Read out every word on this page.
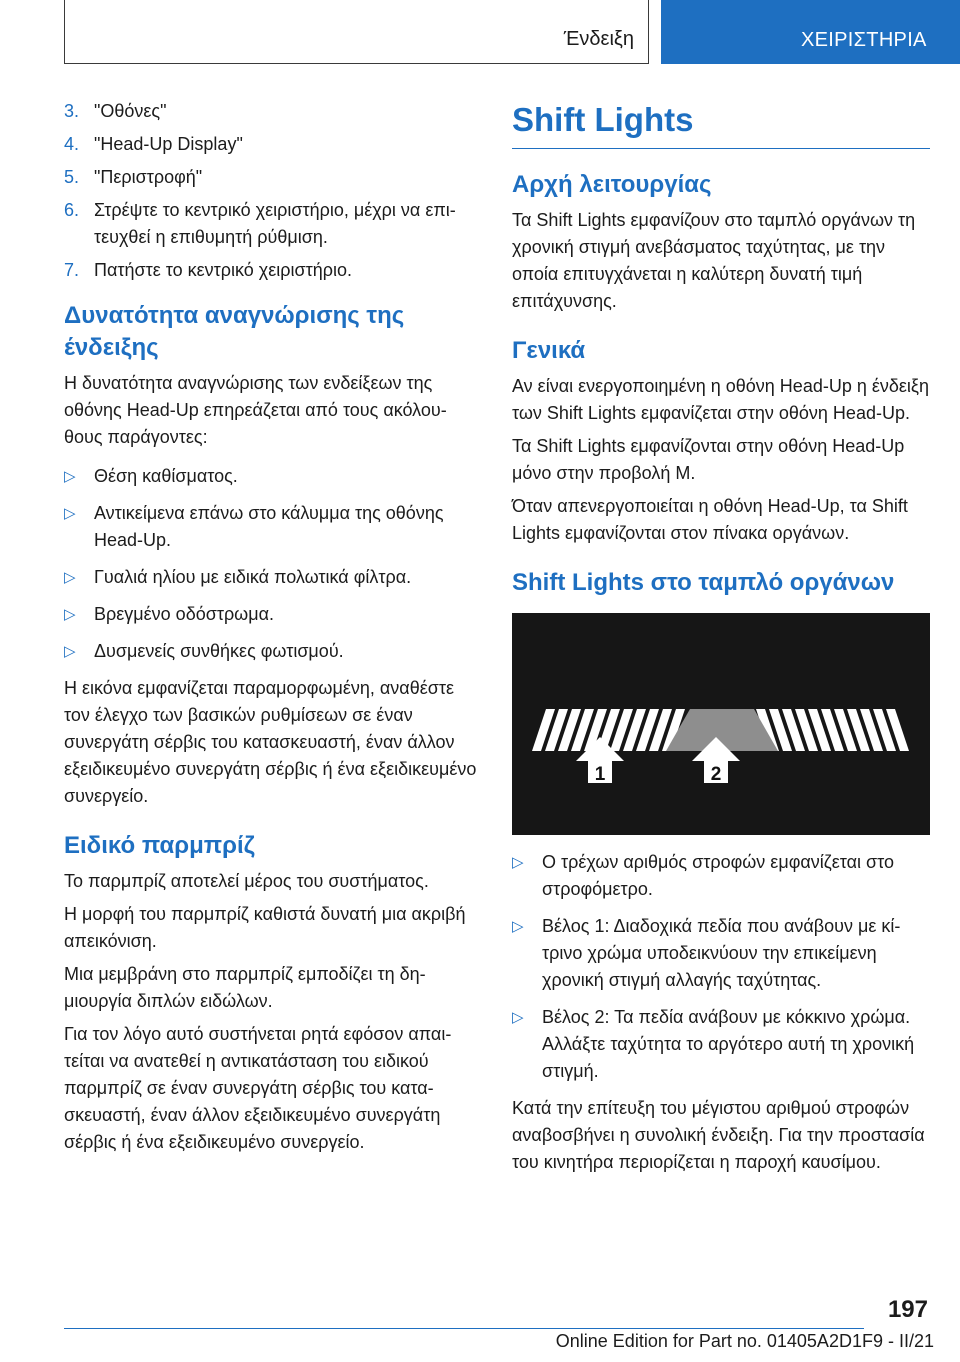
Ένδειξη	ΧΕΙΡΙΣΤΗΡΙΑ
3. "Οθόνες"
4. "Head-Up Display"
5. "Περιστροφή"
6. Στρέψτε το κεντρικό χειριστήριο, μέχρι να επιτευχθεί η επιθυμητή ρύθμιση.
7. Πατήστε το κεντρικό χειριστήριο.
Δυνατότητα αναγνώρισης της ένδειξης

Η δυνατότητα αναγνώρισης των ενδείξεων της οθόνης Head-Up επηρεάζεται από τους ακόλουθους παράγοντες:

▷	Θέση καθίσματος.
▷	Αντικείμενα επάνω στο κάλυμμα της οθόνης Head-Up.
▷	Γυαλιά ηλίου με ειδικά πολωτικά φίλτρα.
▷	Βρεγμένο οδόστρωμα.
▷	Δυσμενείς συνθήκες φωτισμού.

Η εικόνα εμφανίζεται παραμορφωμένη, αναθέστε τον έλεγχο των βασικών ρυθμίσεων σε έναν συνεργάτη σέρβις του κατασκευαστή, έναν άλλον εξειδικευμένο συνεργάτη σέρβις ή ένα εξειδικευμένο συνεργείο.

Ειδικό παρμπρίζ

Το παρμπρίζ αποτελεί μέρος του συστήματος.

Η μορφή του παρμπρίζ καθιστά δυνατή μια ακριβή απεικόνιση.

Μια μεμβράνη στο παρμπρίζ εμποδίζει τη δημιουργία διπλών ειδώλων.

Για τον λόγο αυτό συστήνεται ρητά εφόσον απαιτείται να ανατεθεί η αντικατάσταση του ειδικού παρμπρίζ σε έναν συνεργάτη σέρβις του κατασκευαστή, έναν άλλον εξειδικευμένο συνεργάτη σέρβις ή ένα εξειδικευμένο συνεργείο.

Shift Lights
Αρχή λειτουργίας

Τα Shift Lights εμφανίζουν στο ταμπλό οργάνων τη χρονική στιγμή ανεβάσματος ταχύτητας, με την οποία επιτυγχάνεται η καλύτερη δυνατή τιμή επιτάχυνσης.

Γενικά

Αν είναι ενεργοποιημένη η οθόνη Head-Up η ένδειξη των Shift Lights εμφανίζεται στην οθόνη Head-Up.

Τα Shift Lights εμφανίζονται στην οθόνη Head-Up μόνο στην προβολή M.

Όταν απενεργοποιείται η οθόνη Head-Up, τα Shift Lights εμφανίζονται στον πίνακα οργάνων.

Shift Lights στο ταμπλό οργάνων
1	2
▷	Ο τρέχων αριθμός στροφών εμφανίζεται στο στροφόμετρο.
▷	Βέλος 1: Διαδοχικά πεδία που ανάβουν με κίτρινο χρώμα υποδεικνύουν την επικείμενη χρονική στιγμή αλλαγής ταχύτητας.
▷	Βέλος 2: Τα πεδία ανάβουν με κόκκινο χρώμα. Αλλάξτε ταχύτητα το αργότερο αυτή τη χρονική στιγμή.

Κατά την επίτευξη του μέγιστου αριθμού στροφών αναβοσβήνει η συνολική ένδειξη. Για την προστασία του κινητήρα περιορίζεται η παροχή καυσίμου.

197
Online Edition for Part no. 01405A2D1F9 - II/21
